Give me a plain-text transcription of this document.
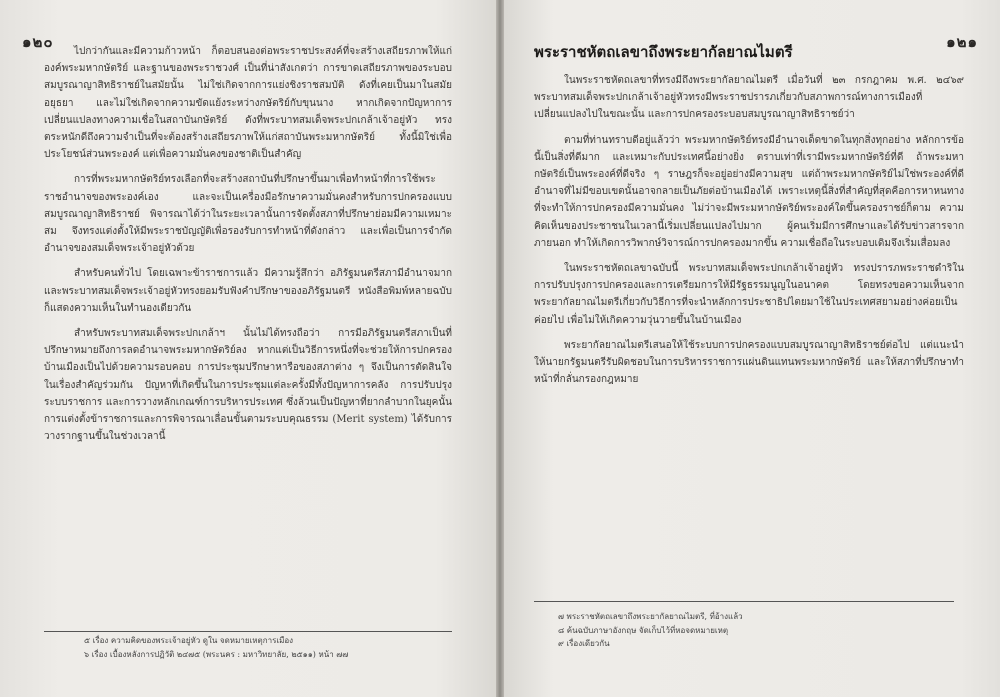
๑๒๐

ไปกว่ากันและมีความก้าวหน้า ก็ตอบสนองต่อพระราชประสงค์ที่จะสร้างเสถียรภาพให้แก่องค์พระมหากษัตริย์ และฐานของพระราชวงศ์ เป็นที่น่าสังเกตว่า การขาดเสถียรภาพของระบอบสมบูรณาญาสิทธิราชย์ในสมัยนั้น ไม่ใช่เกิดจากการแย่งชิงราชสมบัติ ดังที่เคยเป็นมาในสมัยอยุธยา และไม่ใช่เกิดจากความขัดแย้งระหว่างกษัตริย์กับขุนนาง หากเกิดจากปัญหาการเปลี่ยนแปลงทางความเชื่อในสถาบันกษัตริย์ ดังที่พระบาทสมเด็จพระปกเกล้าเจ้าอยู่หัว ทรงตระหนักดีถึงความจำเป็นที่จะต้องสร้างเสถียรภาพให้แก่สถาบันพระมหากษัตริย์ ทั้งนี้มิใช่เพื่อประโยชน์ส่วนพระองค์ แต่เพื่อความมั่นคงของชาติเป็นสำคัญ

การที่พระมหากษัตริย์ทรงเลือกที่จะสร้างสถาบันที่ปรึกษาขึ้นมาเพื่อทำหน้าที่การใช้พระราชอำนาจของพระองค์เอง และจะเป็นเครื่องมือรักษาความมั่นคงสำหรับการปกครองแบบสมบูรณาญาสิทธิราชย์ พิจารณาได้ว่าในระยะเวลานั้นการจัดตั้งสภาที่ปรึกษาย่อมมีความเหมาะสม จึงทรงแต่งตั้งให้มีพระราชบัญญัติเพื่อรองรับการทำหน้าที่ดังกล่าว และเพื่อเป็นการจำกัดอำนาจของสมเด็จพระเจ้าอยู่หัวด้วย

สำหรับคนทั่วไป โดยเฉพาะข้าราชการแล้ว มีความรู้สึกว่า อภิรัฐมนตรีสภามีอำนาจมาก และพระบาทสมเด็จพระเจ้าอยู่หัวทรงยอมรับฟังคำปรึกษาของอภิรัฐมนตรี หนังสือพิมพ์หลายฉบับก็แสดงความเห็นในทำนองเดียวกัน

สำหรับพระบาทสมเด็จพระปกเกล้าฯ นั้นไม่ได้ทรงถือว่า การมีอภิรัฐมนตรีสภาเป็นที่ปรึกษาหมายถึงการลดอำนาจพระมหากษัตริย์ลง หากแต่เป็นวิธีการหนึ่งที่จะช่วยให้การปกครองบ้านเมืองเป็นไปด้วยความรอบคอบ การประชุมปรึกษาหารือของสภาต่าง ๆ จึงเป็นการตัดสินใจในเรื่องสำคัญร่วมกัน ปัญหาที่เกิดขึ้นในการประชุมแต่ละครั้งมีทั้งปัญหาการคลัง การปรับปรุงระบบราชการ และการวางหลักเกณฑ์การบริหารประเทศ ซึ่งล้วนเป็นปัญหาที่ยากลำบากในยุคนั้น การแต่งตั้งข้าราชการและการพิจารณาเลื่อนขั้นตามระบบคุณธรรม (Merit system) ได้รับการวางรากฐานขึ้นในช่วงเวลานี้

๕ เรื่อง ความคิดของพระเจ้าอยู่หัว ดูใน จดหมายเหตุการเมือง
๖ เรื่อง เบื้องหลังการปฏิวัติ ๒๔๗๕ (พระนคร : มหาวิทยาลัย, ๒๕๑๑) หน้า ๗๗
๑๒๑
พระราชหัตถเลขาถึงพระยากัลยาณไมตรี

ในพระราชหัตถเลขาที่ทรงมีถึงพระยากัลยาณไมตรี เมื่อวันที่ ๒๓ กรกฎาคม พ.ศ. ๒๔๖๙ พระบาทสมเด็จพระปกเกล้าเจ้าอยู่หัวทรงมีพระราชปรารภเกี่ยวกับสภาพการณ์ทางการเมืองที่เปลี่ยนแปลงไปในขณะนั้น และการปกครองระบอบสมบูรณาญาสิทธิราชย์ว่า

ตามที่ท่านทราบดีอยู่แล้วว่า พระมหากษัตริย์ทรงมีอำนาจเด็ดขาดในทุกสิ่งทุกอย่าง หลักการข้อนี้เป็นสิ่งที่ดีมาก และเหมาะกับประเทศนี้อย่างยิ่ง ตราบเท่าที่เรามีพระมหากษัตริย์ที่ดี ถ้าพระมหากษัตริย์เป็นพระองค์ที่ดีจริง ๆ ราษฎรก็จะอยู่อย่างมีความสุข แต่ถ้าพระมหากษัตริย์ไม่ใช่พระองค์ที่ดี อำนาจที่ไม่มีขอบเขตนั้นอาจกลายเป็นภัยต่อบ้านเมืองได้ เพราะเหตุนี้สิ่งที่สำคัญที่สุดคือการหาหนทางที่จะทำให้การปกครองมีความมั่นคง ไม่ว่าจะมีพระมหากษัตริย์พระองค์ใดขึ้นครองราชย์ก็ตาม ความคิดเห็นของประชาชนในเวลานี้เริ่มเปลี่ยนแปลงไปมาก ผู้คนเริ่มมีการศึกษาและได้รับข่าวสารจากภายนอก ทำให้เกิดการวิพากษ์วิจารณ์การปกครองมากขึ้น ความเชื่อถือในระบอบเดิมจึงเริ่มเสื่อมลง

ในพระราชหัตถเลขาฉบับนี้ พระบาทสมเด็จพระปกเกล้าเจ้าอยู่หัว ทรงปรารภพระราชดำริในการปรับปรุงการปกครองและการเตรียมการให้มีรัฐธรรมนูญในอนาคต โดยทรงขอความเห็นจากพระยากัลยาณไมตรีเกี่ยวกับวิธีการที่จะนำหลักการประชาธิปไตยมาใช้ในประเทศสยามอย่างค่อยเป็นค่อยไป เพื่อไม่ให้เกิดความวุ่นวายขึ้นในบ้านเมือง

พระยากัลยาณไมตรีเสนอให้ใช้ระบบการปกครองแบบสมบูรณาญาสิทธิราชย์ต่อไป แต่แนะนำให้นายกรัฐมนตรีรับผิดชอบในการบริหารราชการแผ่นดินแทนพระมหากษัตริย์ และให้สภาที่ปรึกษาทำหน้าที่กลั่นกรองกฎหมาย

๗ พระราชหัตถเลขาถึงพระยากัลยาณไมตรี, ที่อ้างแล้ว
๘ ค้นฉบับภาษาอังกฤษ จัดเก็บไว้ที่หอจดหมายเหตุ
๙ เรื่องเดียวกัน
